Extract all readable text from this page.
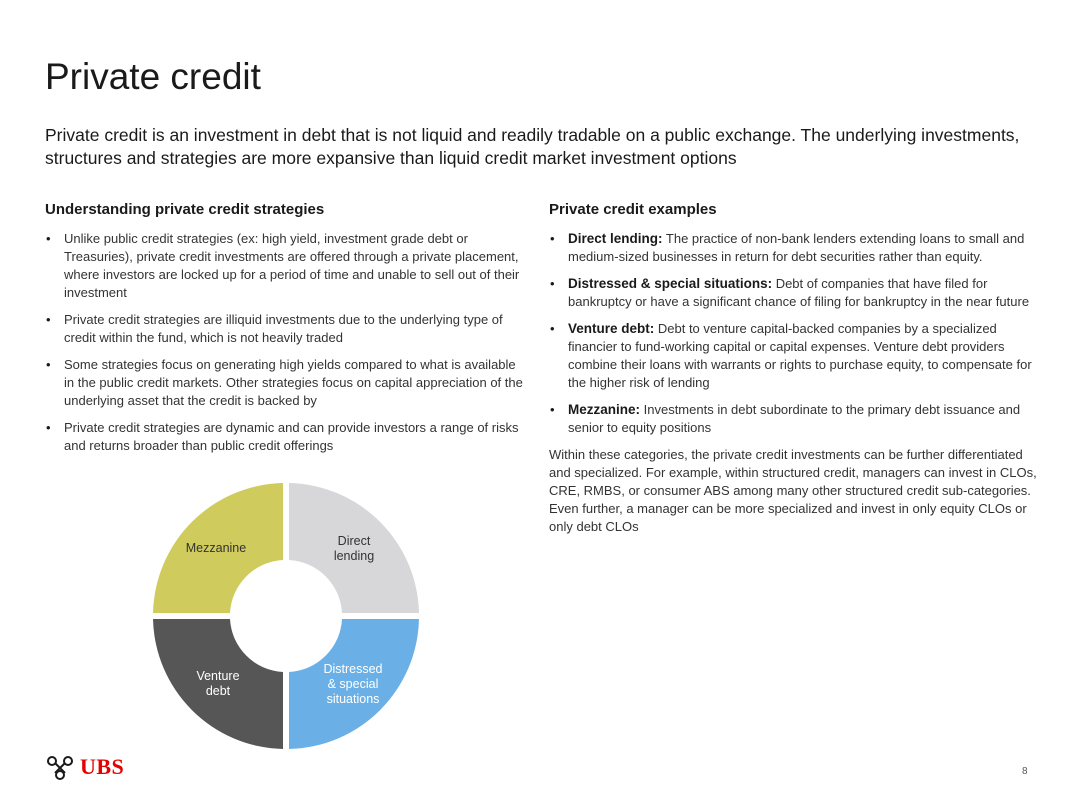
Private credit

Private credit is an investment in debt that is not liquid and readily tradable on a public exchange. The underlying investments, structures and strategies are more expansive than liquid credit market investment options

Understanding private credit strategies
• Unlike public credit strategies (ex: high yield, investment grade debt or Treasuries), private credit investments are offered through a private placement, where investors are locked up for a period of time and unable to sell out of their investment
• Private credit strategies are illiquid investments due to the underlying type of credit within the fund, which is not heavily traded
• Some strategies focus on generating high yields compared to what is available in the public credit markets. Other strategies focus on capital appreciation of the underlying asset that the credit is backed by
• Private credit strategies are dynamic and can provide investors a range of risks and returns broader than public credit offerings
Private credit examples
• Direct lending: The practice of non-bank lenders extending loans to small and medium-sized businesses in return for debt securities rather than equity.
• Distressed & special situations: Debt of companies that have filed for bankruptcy or have a significant chance of filing for bankruptcy in the near future
• Venture debt: Debt to venture capital-backed companies by a specialized financier to fund-working capital or capital expenses. Venture debt providers combine their loans with warrants or rights to purchase equity, to compensate for the higher risk of lending
• Mezzanine: Investments in debt subordinate to the primary debt issuance and senior to equity positions

Within these categories, the private credit investments can be further differentiated and specialized. For example, within structured credit, managers can invest in CLOs, CRE, RMBS, or consumer ABS among many other structured credit sub-categories. Even further, a manager can be more specialized and invest in only equity CLOs or only debt CLOs

Mezzanine	Direct
lending
Venture
debt
Distressed
& special
situations
UBS	8
